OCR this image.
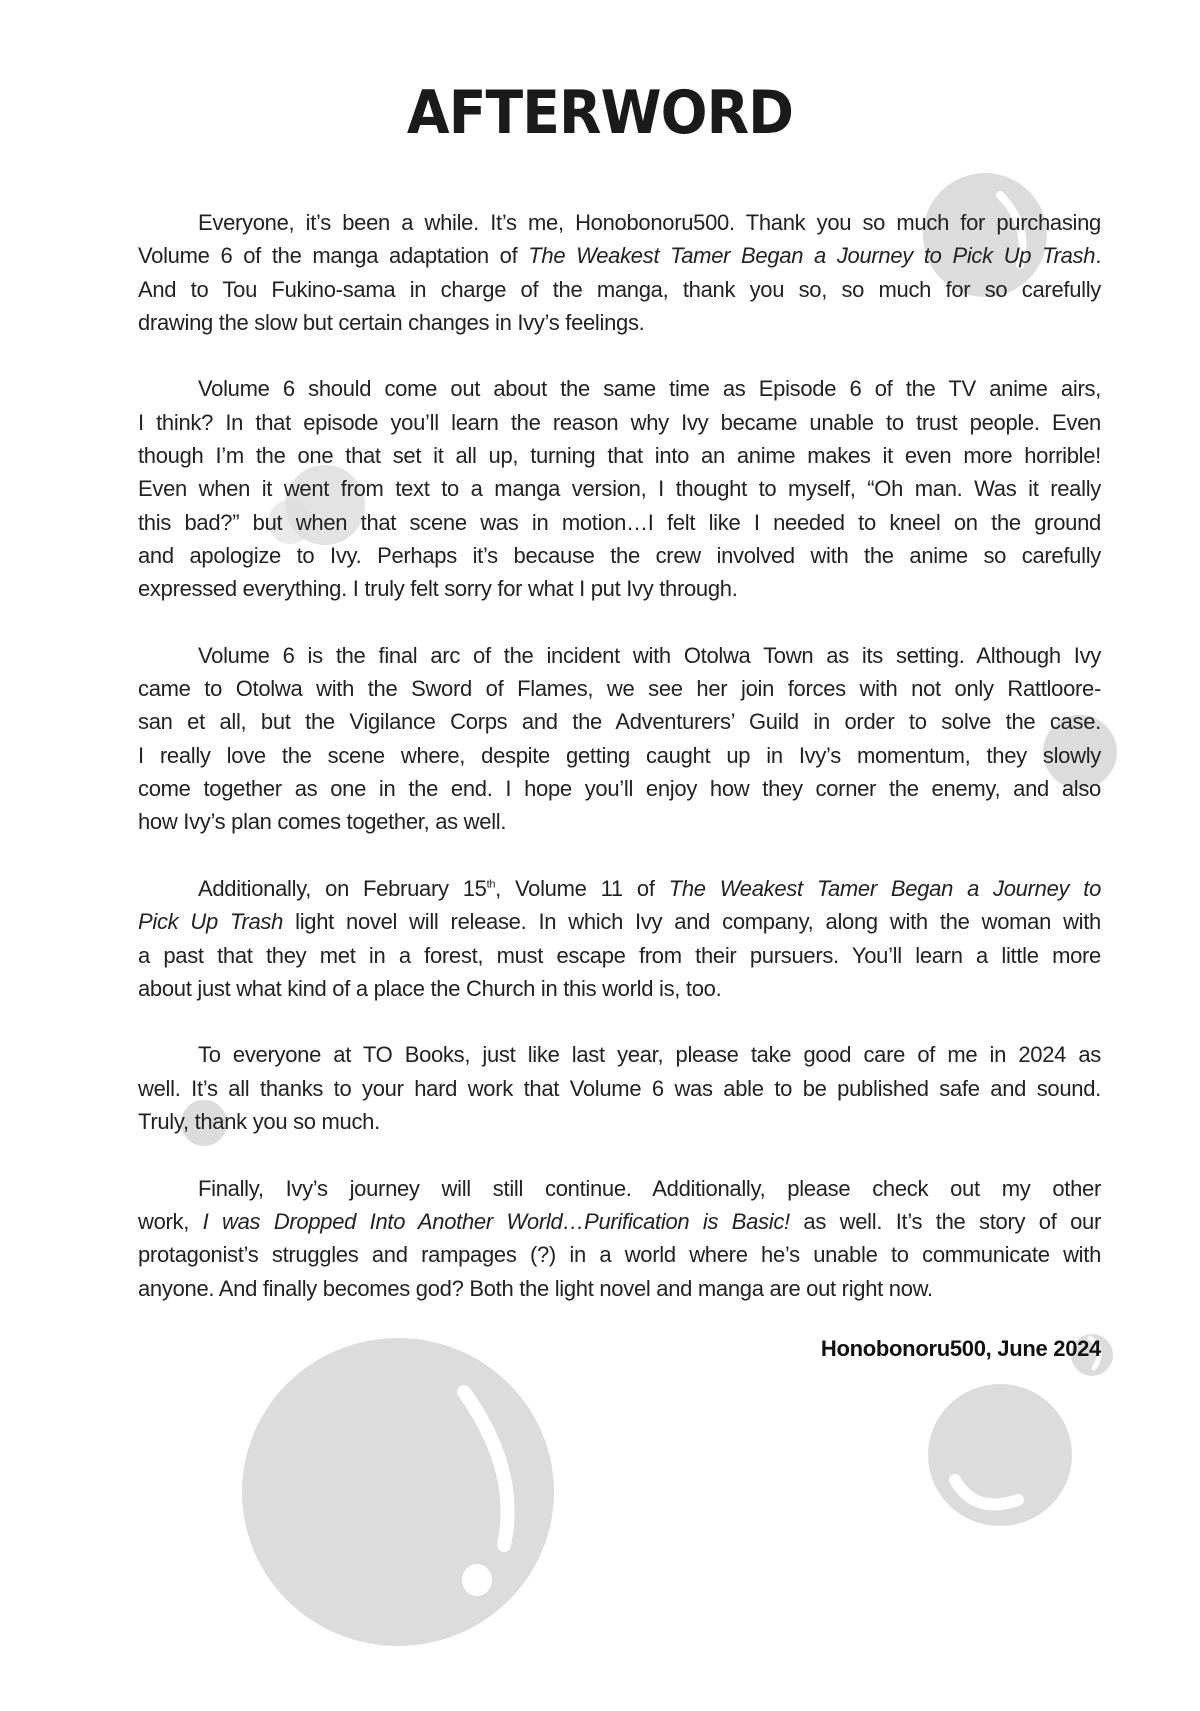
AFTERWORD
Everyone, it’s been a while. It’s me, Honobonoru500. Thank you so much for purchasing
Volume 6 of the manga adaptation of The Weakest Tamer Began a Journey to Pick Up Trash.
And to Tou Fukino-sama in charge of the manga, thank you so, so much for so carefully
drawing the slow but certain changes in Ivy’s feelings.
Volume 6 should come out about the same time as Episode 6 of the TV anime airs,
I think? In that episode you’ll learn the reason why Ivy became unable to trust people. Even
though I’m the one that set it all up, turning that into an anime makes it even more horrible!
Even when it went from text to a manga version, I thought to myself, “Oh man. Was it really
this bad?” but when that scene was in motion…I felt like I needed to kneel on the ground
and apologize to Ivy. Perhaps it’s because the crew involved with the anime so carefully
expressed everything. I truly felt sorry for what I put Ivy through.
Volume 6 is the final arc of the incident with Otolwa Town as its setting. Although Ivy
came to Otolwa with the Sword of Flames, we see her join forces with not only Rattloore-
san et all, but the Vigilance Corps and the Adventurers’ Guild in order to solve the case.
I really love the scene where, despite getting caught up in Ivy’s momentum, they slowly
come together as one in the end. I hope you’ll enjoy how they corner the enemy, and also
how Ivy’s plan comes together, as well.
Additionally, on February 15th, Volume 11 of The Weakest Tamer Began a Journey to
Pick Up Trash light novel will release. In which Ivy and company, along with the woman with
a past that they met in a forest, must escape from their pursuers. You’ll learn a little more
about just what kind of a place the Church in this world is, too.
To everyone at TO Books, just like last year, please take good care of me in 2024 as
well. It’s all thanks to your hard work that Volume 6 was able to be published safe and sound.
Truly, thank you so much.
Finally, Ivy’s journey will still continue. Additionally, please check out my other
work, I was Dropped Into Another World…Purification is Basic! as well. It’s the story of our
protagonist’s struggles and rampages (?) in a world where he’s unable to communicate with
anyone. And finally becomes god? Both the light novel and manga are out right now.
Honobonoru500, June 2024
